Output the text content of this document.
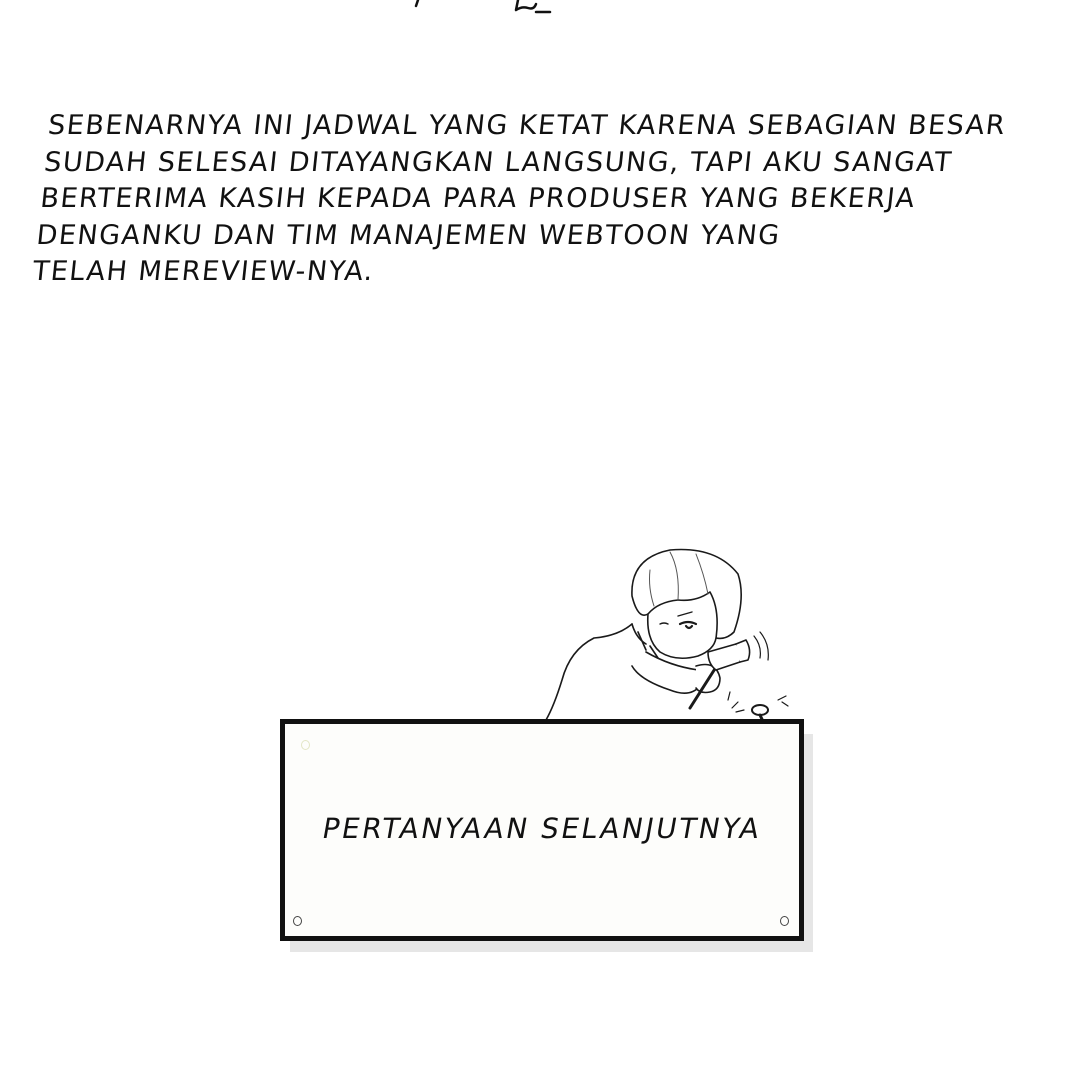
SEBENARNYA INI JADWAL YANG KETAT KARENA SEBAGIAN BESAR
SUDAH SELESAI DITAYANGKAN LANGSUNG, TAPI AKU SANGAT
BERTERIMA KASIH KEPADA PARA PRODUSER YANG BEKERJA
DENGANKU DAN TIM MANAJEMEN WEBTOON YANG
TELAH MEREVIEW-NYA.
PERTANYAAN SELANJUTNYA
